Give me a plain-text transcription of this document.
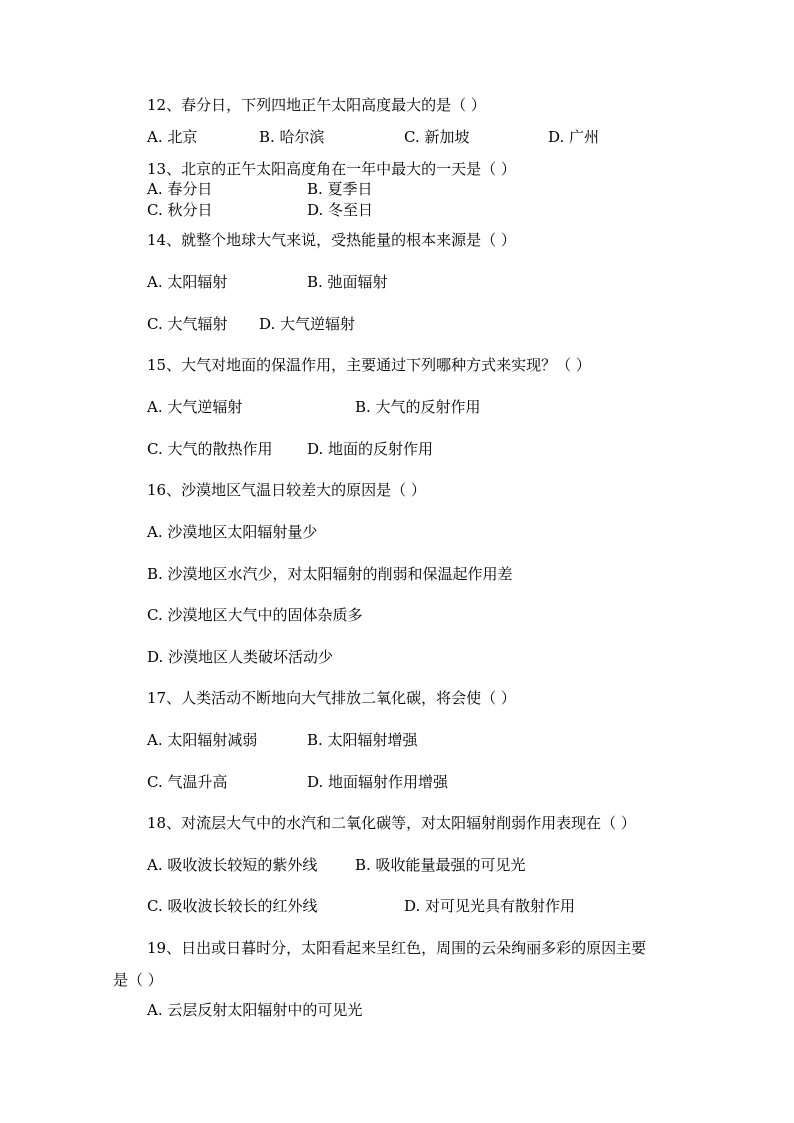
12、春分日，下列四地正午太阳高度最大的是（ ）
A. 北京	B. 哈尔滨	C. 新加坡	D. 广州
13、北京的正午太阳高度角在一年中最大的一天是（ ）
A. 春分日	B. 夏季日
C. 秋分日	D. 冬至日
14、就整个地球大气来说，受热能量的根本来源是（ ）
A. 太阳辐射	B. 弛面辐射
C. 大气辐射 D. 大气逆辐射
15、大气对地面的保温作用，主要通过下列哪种方式来实现？（ ）
A. 大气逆辐射	B. 大气的反射作用
C. 大气的散热作用 D. 地面的反射作用
16、沙漠地区气温日较差大的原因是（ ）
A. 沙漠地区太阳辐射量少
B. 沙漠地区水汽少，对太阳辐射的削弱和保温起作用差
C. 沙漠地区大气中的固体杂质多
D. 沙漠地区人类破坏活动少
17、人类活动不断地向大气排放二氧化碳，将会使（ ）
A. 太阳辐射减弱	B. 太阳辐射增强
C. 气温升高	D. 地面辐射作用增强
18、对流层大气中的水汽和二氧化碳等，对太阳辐射削弱作用表现在（ ）
A. 吸收波长较短的紫外线	B. 吸收能量最强的可见光
C. 吸收波长较长的红外线	D. 对可见光具有散射作用
19、日出或日暮时分，太阳看起来呈红色，周围的云朵绚丽多彩的原因主要
是（ ）
A. 云层反射太阳辐射中的可见光
